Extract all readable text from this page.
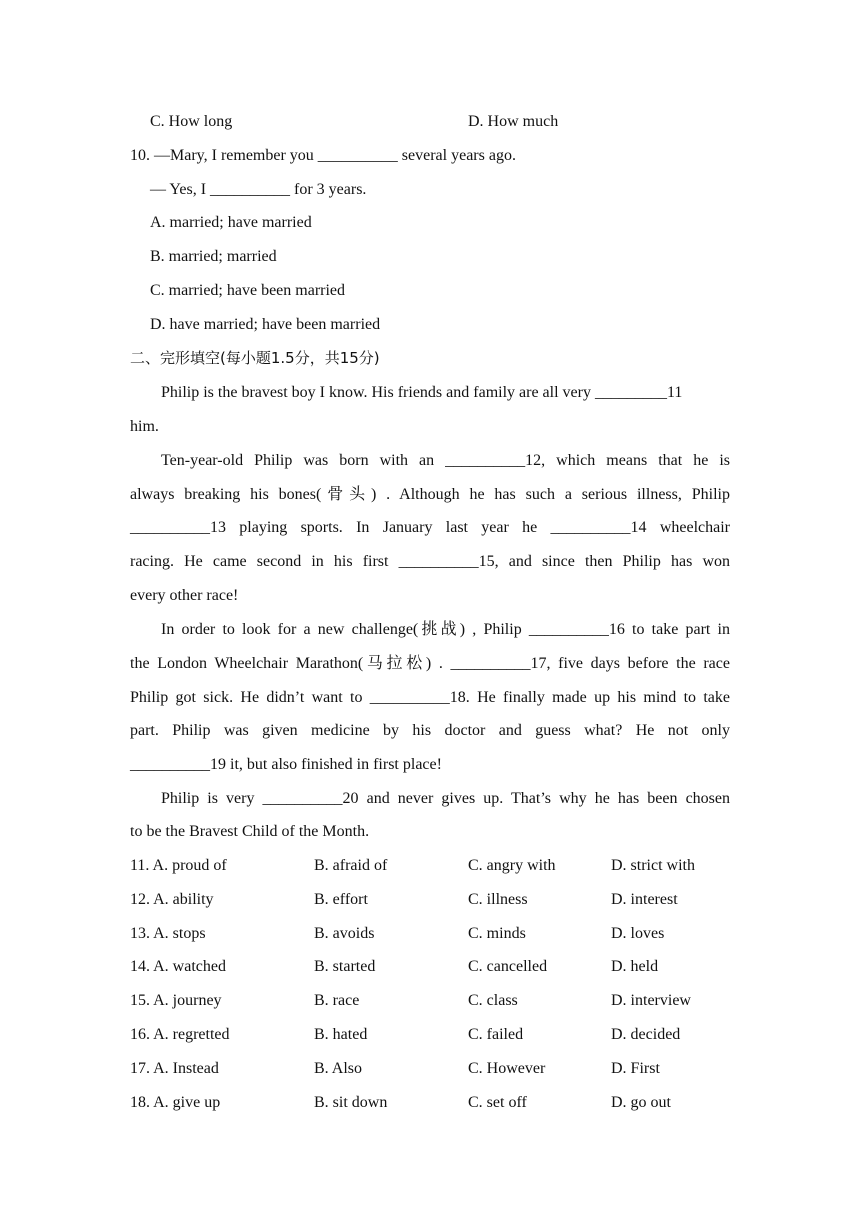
C. How long	D. How much
10. —Mary, I remember you __________ several years ago.
— Yes, I __________ for 3 years.
A. married; have married
B. married; married
C. married; have been married
D. have married; have been married
二、完形填空(每小题1.5分，共15分)
Philip is the bravest boy I know. His friends and family are all very _________11
him.
Ten-year-old Philip was born with an __________12, which means that he is
always breaking his bones(骨头) . Although he has such a serious illness, Philip
__________13 playing sports. In January last year he __________14 wheelchair
racing. He came second in his first __________15, and since then Philip has won
every other race!
In order to look for a new challenge(挑战) , Philip __________16 to take part in
the London Wheelchair Marathon(马拉松) . __________17, five days before the race
Philip got sick. He didn’t want to __________18. He finally made up his mind to take
part. Philip was given medicine by his doctor and guess what? He not only
__________19 it, but also finished in first place!
Philip is very __________20 and never gives up. That’s why he has been chosen
to be the Bravest Child of the Month.
11. A. proud of	B. afraid of	C. angry with	D. strict with
12. A. ability	B. effort	C. illness	D. interest
13. A. stops	B. avoids	C. minds	D. loves
14. A. watched	B. started	C. cancelled	D. held
15. A. journey	B. race	C. class	D. interview
16. A. regretted	B. hated	C. failed	D. decided
17. A. Instead	B. Also	C. However	D. First
18. A. give up	B. sit down	C. set off	D. go out
